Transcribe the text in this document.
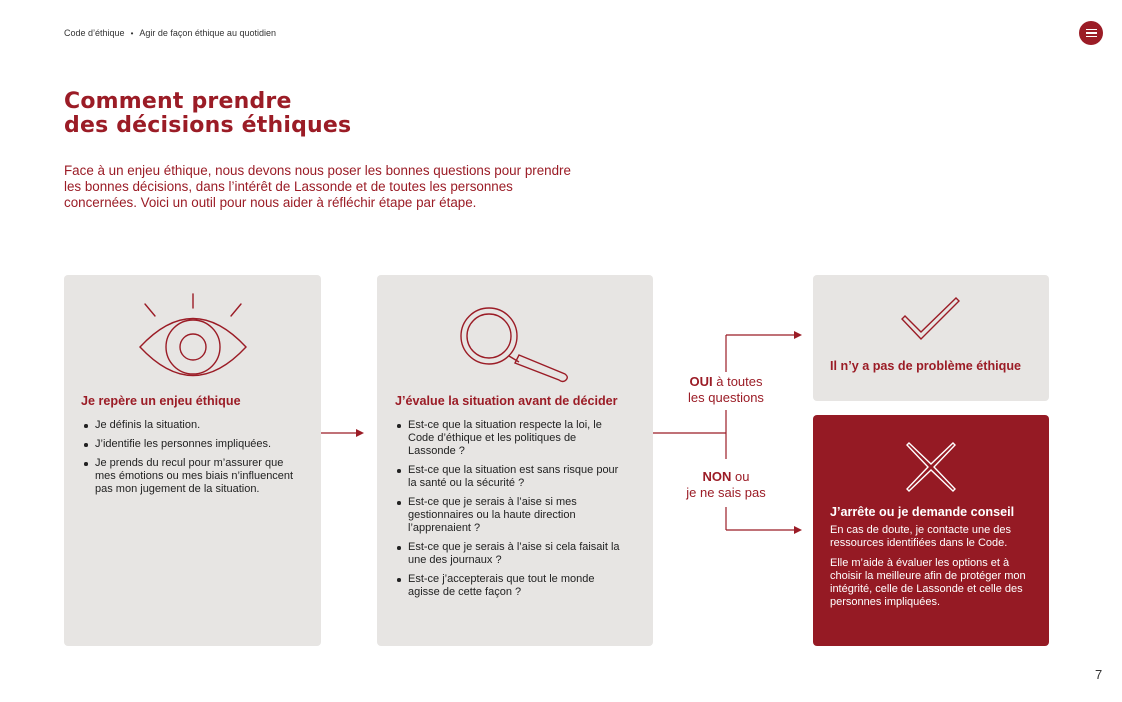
Code d’éthique • Agir de façon éthique au quotidien
Comment prendre
des décisions éthiques

Face à un enjeu éthique, nous devons nous poser les bonnes questions pour prendre les bonnes décisions, dans l’intérêt de Lassonde et de toutes les personnes concernées. Voici un outil pour nous aider à réfléchir étape par étape.

Je repère un enjeu éthique
Je définis la situation.
J’identifie les personnes impliquées.
Je prends du recul pour m’assurer que mes émotions ou mes biais n’influencent pas mon jugement de la situation.
J’évalue la situation avant de décider
Est-ce que la situation respecte la loi, le Code d’éthique et les politiques de Lassonde ?
Est-ce que la situation est sans risque pour la santé ou la sécurité ?
Est-ce que je serais à l’aise si mes gestionnaires ou la haute direction l’apprenaient ?
Est-ce que je serais à l’aise si cela faisait la une des journaux ?
Est-ce j’accepterais que tout le monde agisse de cette façon ?
OUI à toutes
les questions
NON ou
je ne sais pas
Il n’y a pas de problème éthique
J’arrête ou je demande conseil

En cas de doute, je contacte une des ressources identifiées dans le Code.

Elle m’aide à évaluer les options et à choisir la meilleure afin de protéger mon intégrité, celle de Lassonde et celle des personnes impliquées.

7
